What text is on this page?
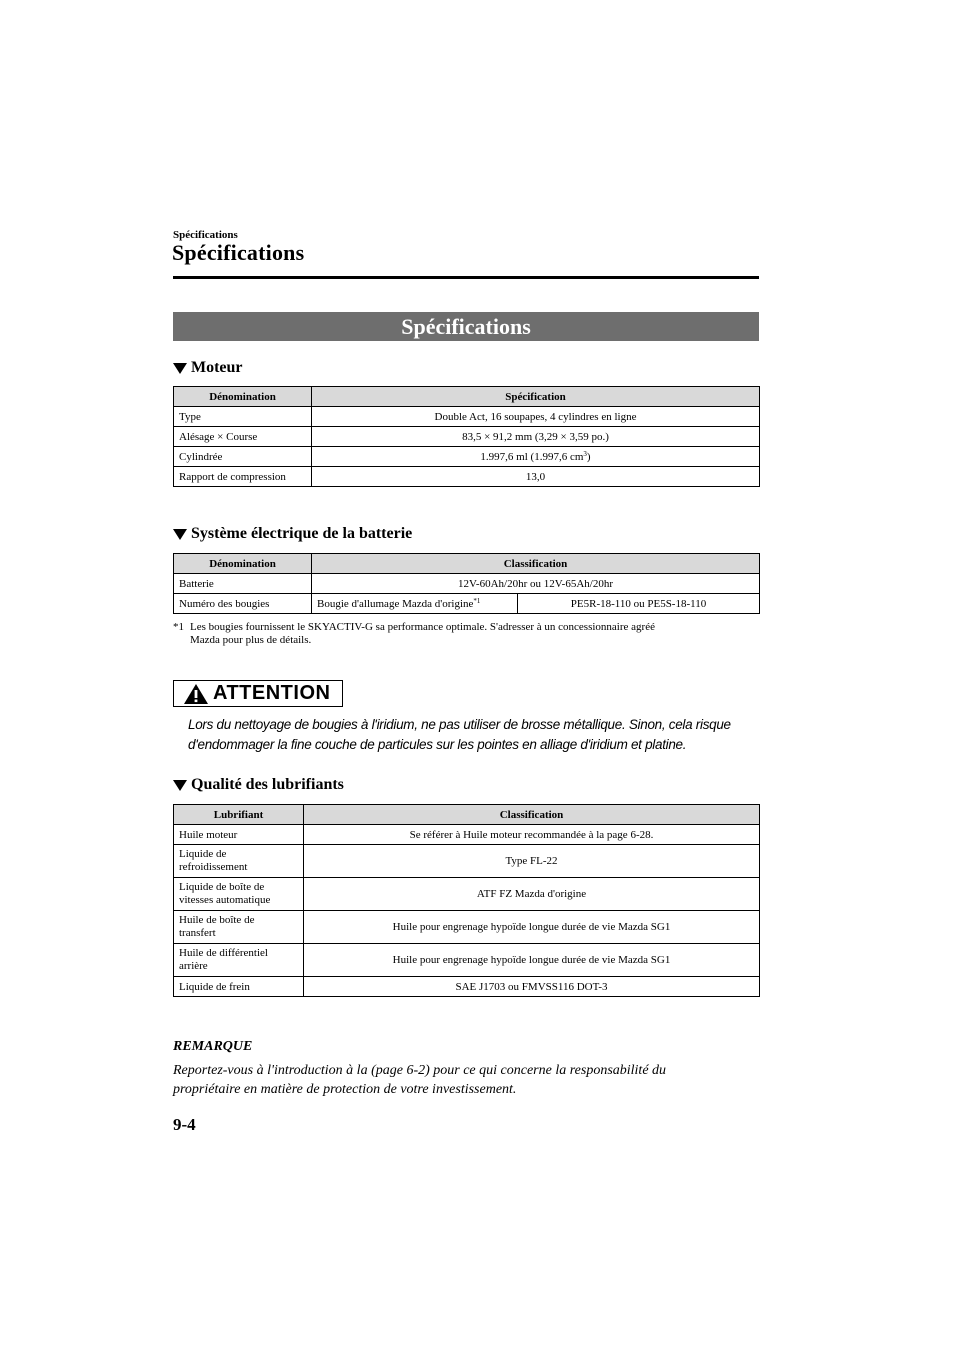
Spécifications
Spécifications
Spécifications
Moteur
Dénomination	Spécification
Type	Double Act, 16 soupapes, 4 cylindres en ligne
Alésage × Course	83,5 × 91,2 mm (3,29 × 3,59 po.)
Cylindrée	1.997,6 ml (1.997,6 $cm^3$)
Rapport de compression	13,0
Système électrique de la batterie
Dénomination	Classification	
Batterie	12V-60Ah/20hr ou 12V-65Ah/20hr	
Numéro des bougies	Bougie d'allumage Mazda d'origine$^{*1}$	PE5R-18-110 ou PE5S-18-110
*1 Les bougies fournissent le SKYACTIV-G sa performance optimale. S'adresser à un concessionnaire agréé
Mazda pour plus de détails.
ATTENTION
Lors du nettoyage de bougies à l'iridium, ne pas utiliser de brosse métallique. Sinon, cela risque d'endommager la fine couche de particules sur les pointes en alliage d'iridium et platine.
Qualité des lubrifiants
Lubrifiant	Classification
Huile moteur	Se référer à Huile moteur recommandée à la page 6-28.
Liquide de
refroidissement	Type FL-22
Liquide de boîte de
vitesses automatique	ATF FZ Mazda d'origine
Huile de boîte de
transfert	Huile pour engrenage hypoïde longue durée de vie Mazda SG1
Huile de différentiel
arrière	Huile pour engrenage hypoïde longue durée de vie Mazda SG1
Liquide de frein	SAE J1703 ou FMVSS116 DOT-3
REMARQUE
Reportez-vous à l'introduction à la (page 6-2) pour ce qui concerne la responsabilité du
propriétaire en matière de protection de votre investissement.
9-4
